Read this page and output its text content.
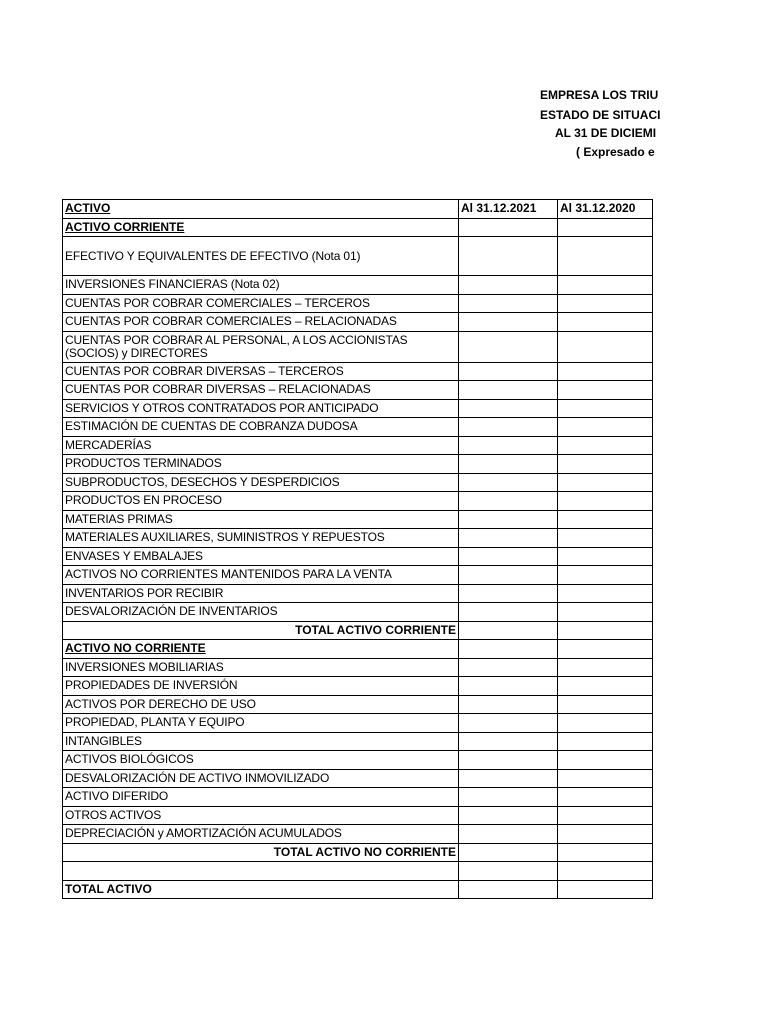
EMPRESA LOS TRIU
ESTADO DE SITUACI
AL 31 DE DICIEMI
( Expresado e
ACTIVO	Al 31.12.2021	Al 31.12.2020
ACTIVO CORRIENTE		
EFECTIVO Y EQUIVALENTES DE EFECTIVO (Nota 01)		
INVERSIONES FINANCIERAS (Nota 02)		
CUENTAS POR COBRAR COMERCIALES – TERCEROS		
CUENTAS POR COBRAR COMERCIALES – RELACIONADAS		
CUENTAS POR COBRAR AL PERSONAL, A LOS ACCIONISTAS (SOCIOS) y DIRECTORES		
CUENTAS POR COBRAR DIVERSAS – TERCEROS		
CUENTAS POR COBRAR DIVERSAS – RELACIONADAS		
SERVICIOS Y OTROS CONTRATADOS POR ANTICIPADO		
ESTIMACIÓN DE CUENTAS DE COBRANZA DUDOSA		
MERCADERÍAS		
PRODUCTOS TERMINADOS		
SUBPRODUCTOS, DESECHOS Y DESPERDICIOS		
PRODUCTOS EN PROCESO		
MATERIAS PRIMAS		
MATERIALES AUXILIARES, SUMINISTROS Y REPUESTOS		
ENVASES Y EMBALAJES		
ACTIVOS NO CORRIENTES MANTENIDOS PARA LA VENTA		
INVENTARIOS POR RECIBIR		
DESVALORIZACIÓN DE INVENTARIOS		
TOTAL ACTIVO CORRIENTE		
ACTIVO NO CORRIENTE		
INVERSIONES MOBILIARIAS		
PROPIEDADES DE INVERSIÓN		
ACTIVOS POR DERECHO DE USO		
PROPIEDAD, PLANTA Y EQUIPO		
INTANGIBLES		
ACTIVOS BIOLÓGICOS		
DESVALORIZACIÓN DE ACTIVO INMOVILIZADO		
ACTIVO DIFERIDO		
OTROS ACTIVOS		
DEPRECIACIÓN y AMORTIZACIÓN ACUMULADOS		
TOTAL ACTIVO NO CORRIENTE		

TOTAL ACTIVO		
